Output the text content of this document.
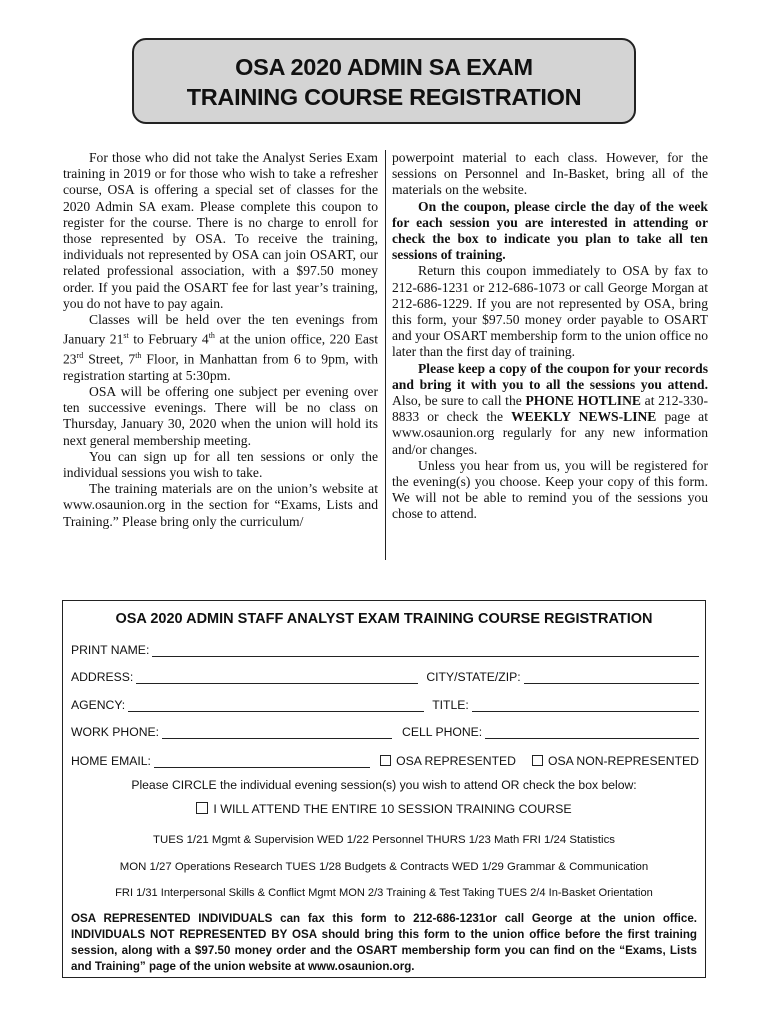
OSA 2020 ADMIN SA EXAM
TRAINING COURSE REGISTRATION

For those who did not take the Analyst Series Exam training in 2019 or for those who wish to take a refresher course, OSA is offering a special set of classes for the 2020 Admin SA exam. Please complete this coupon to register for the course. There is no charge to enroll for those represented by OSA. To receive the training, individuals not represented by OSA can join OSART, our related professional association, with a $97.50 money order. If you paid the OSART fee for last year’s training, you do not have to pay again.

Classes will be held over the ten evenings from January 21st to February 4th at the union office, 220 East 23rd Street, 7th Floor, in Manhattan from 6 to 9pm, with registration starting at 5:30pm.

OSA will be offering one subject per evening over ten successive evenings. There will be no class on Thursday, January 30, 2020 when the union will hold its next general membership meeting.

You can sign up for all ten sessions or only the individual sessions you wish to take.

The training materials are on the union’s website at www.osaunion.org in the section for “Exams, Lists and Training.” Please bring only the curriculum/

powerpoint material to each class. However, for the sessions on Personnel and In-Basket, bring all of the materials on the website.

On the coupon, please circle the day of the week for each session you are interested in attending or check the box to indicate you plan to take all ten sessions of training.

Return this coupon immediately to OSA by fax to 212-686-1231 or 212-686-1073 or call George Morgan at 212-686-1229. If you are not represented by OSA, bring this form, your $97.50 money order payable to OSART and your OSART membership form to the union office no later than the first day of training.

Please keep a copy of the coupon for your records and bring it with you to all the sessions you attend. Also, be sure to call the PHONE HOTLINE at 212-330-8833 or check the WEEKLY NEWS-LINE page at www.osaunion.org regularly for any new information and/or changes.

Unless you hear from us, you will be registered for the evening(s) you choose. Keep your copy of this form. We will not be able to remind you of the sessions you chose to attend.

OSA 2020 ADMIN STAFF ANALYST EXAM TRAINING COURSE REGISTRATION
PRINT NAME:
ADDRESS:	CITY/STATE/ZIP:
AGENCY:	TITLE:
WORK PHONE:	CELL PHONE:
HOME EMAIL:	OSA REPRESENTED	OSA NON-REPRESENTED
Please CIRCLE the individual evening session(s) you wish to attend OR check the box below:
I WILL ATTEND THE ENTIRE 10 SESSION TRAINING COURSE
TUES 1/21 Mgmt & Supervision WED 1/22 Personnel THURS 1/23 Math FRI 1/24 Statistics
MON 1/27 Operations Research TUES 1/28 Budgets & Contracts WED 1/29 Grammar & Communication
FRI 1/31 Interpersonal Skills & Conflict Mgmt MON 2/3 Training & Test Taking TUES 2/4 In-Basket Orientation
OSA REPRESENTED INDIVIDUALS can fax this form to 212-686-1231or call George at the union office. INDIVIDUALS NOT REPRESENTED BY OSA should bring this form to the union office before the first training session, along with a $97.50 money order and the OSART membership form you can find on the “Exams, Lists and Training” page of the union website at www.osaunion.org.
